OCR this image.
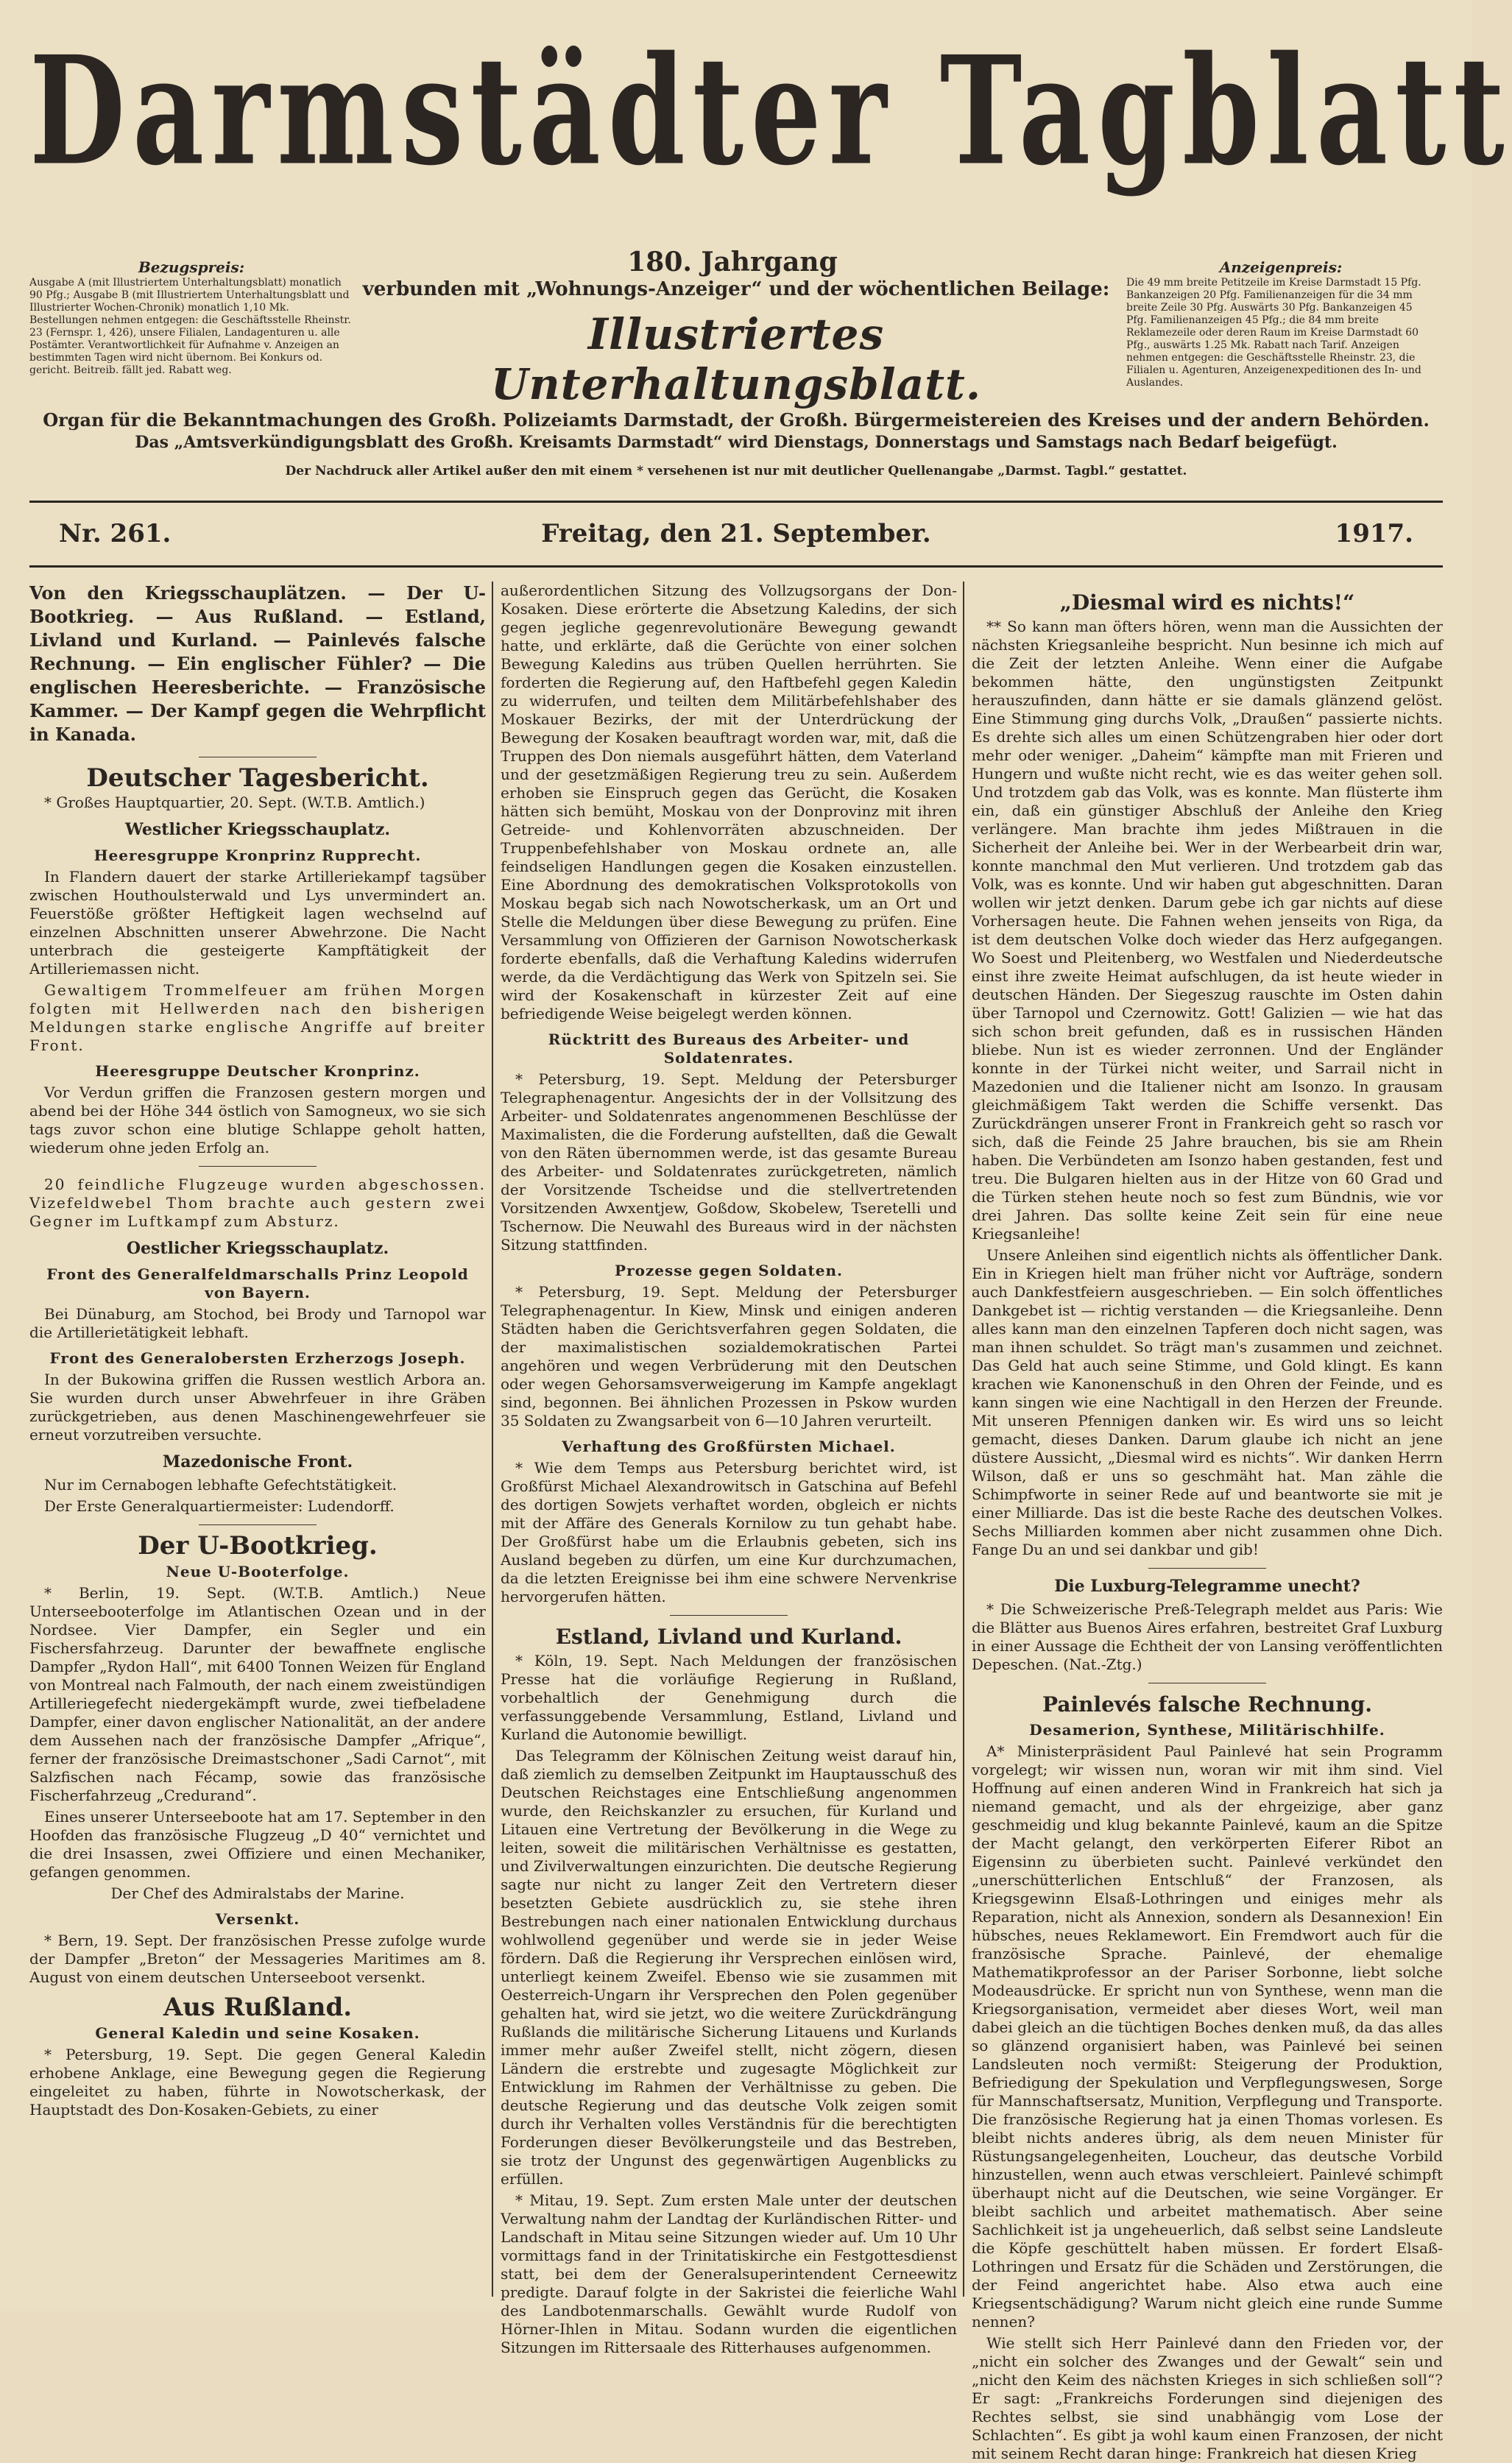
Darmstädter Tagblatt
180. Jahrgang
Bezugspreis:
Ausgabe A (mit Illustriertem Unterhaltungsblatt) monatlich 90 Pfg.; Ausgabe B (mit Illustriertem Unterhaltungsblatt und Illustrierter Wochen-Chronik) monatlich 1,10 Mk. Bestellungen nehmen entgegen: die Geschäftsstelle Rheinstr. 23 (Fernspr. 1, 426), unsere Filialen, Landagenturen u. alle Postämter. Verantwortlichkeit für Aufnahme v. Anzeigen an bestimmten Tagen wird nicht übernom. Bei Konkurs od. gericht. Beitreib. fällt jed. Rabatt weg.
verbunden mit „Wohnungs-Anzeiger“ und der wöchentlichen Beilage:
Illustriertes Unterhaltungsblatt.
Anzeigenpreis:
Die 49 mm breite Petitzeile im Kreise Darmstadt 15 Pfg. Bankanzeigen 20 Pfg. Familienanzeigen für die 34 mm breite Zeile 30 Pfg. Auswärts 30 Pfg. Bankanzeigen 45 Pfg. Familienanzeigen 45 Pfg.; die 84 mm breite Reklamezeile oder deren Raum im Kreise Darmstadt 60 Pfg., auswärts 1.25 Mk. Rabatt nach Tarif. Anzeigen nehmen entgegen: die Geschäftsstelle Rheinstr. 23, die Filialen u. Agenturen, Anzeigenexpeditionen des In- und Auslandes.
Organ für die Bekanntmachungen des Großh. Polizeiamts Darmstadt, der Großh. Bürgermeistereien des Kreises und der andern Behörden.
Das „Amtsverkündigungsblatt des Großh. Kreisamts Darmstadt“ wird Dienstags, Donnerstags und Samstags nach Bedarf beigefügt.
Der Nachdruck aller Artikel außer den mit einem * versehenen ist nur mit deutlicher Quellenangabe „Darmst. Tagbl.“ gestattet.
Nr. 261.	Freitag, den 21. September.	1917.

Von den Kriegsschauplätzen. — Der U-Bootkrieg. — Aus Rußland. — Estland, Livland und Kurland. — Painlevés falsche Rechnung. — Ein englischer Fühler? — Die englischen Heeresberichte. — Französische Kammer. — Der Kampf gegen die Wehrpflicht in Kanada.

Deutscher Tagesbericht.

* Großes Hauptquartier, 20. Sept. (W.T.B. Amtlich.)

Westlicher Kriegsschauplatz.
Heeresgruppe Kronprinz Rupprecht.

In Flandern dauert der starke Artilleriekampf tagsüber zwischen Houthoulsterwald und Lys unvermindert an. Feuerstöße größter Heftigkeit lagen wechselnd auf einzelnen Abschnitten unserer Abwehrzone. Die Nacht unterbrach die gesteigerte Kampftätigkeit der Artilleriemassen nicht.

Gewaltigem Trommelfeuer am frühen Morgen folgten mit Hellwerden nach den bisherigen Meldungen starke englische Angriffe auf breiter Front.

Heeresgruppe Deutscher Kronprinz.

Vor Verdun griffen die Franzosen gestern morgen und abend bei der Höhe 344 östlich von Samogneux, wo sie sich tags zuvor schon eine blutige Schlappe geholt hatten, wiederum ohne jeden Erfolg an.

20 feindliche Flugzeuge wurden abgeschossen. Vizefeldwebel Thom brachte auch gestern zwei Gegner im Luftkampf zum Absturz.

Oestlicher Kriegsschauplatz.
Front des Generalfeldmarschalls Prinz Leopold von Bayern.

Bei Dünaburg, am Stochod, bei Brody und Tarnopol war die Artillerietätigkeit lebhaft.

Front des Generalobersten Erzherzogs Joseph.

In der Bukowina griffen die Russen westlich Arbora an. Sie wurden durch unser Abwehrfeuer in ihre Gräben zurückgetrieben, aus denen Maschinengewehrfeuer sie erneut vorzutreiben versuchte.

Mazedonische Front.

Nur im Cernabogen lebhafte Gefechtstätigkeit.

Der Erste Generalquartiermeister: Ludendorff.

Der U-Bootkrieg.
Neue U-Booterfolge.

* Berlin, 19. Sept. (W.T.B. Amtlich.) Neue Unterseebooterfolge im Atlantischen Ozean und in der Nordsee. Vier Dampfer, ein Segler und ein Fischersfahrzeug. Darunter der bewaffnete englische Dampfer „Rydon Hall“, mit 6400 Tonnen Weizen für England von Montreal nach Falmouth, der nach einem zweistündigen Artilleriegefecht niedergekämpft wurde, zwei tiefbeladene Dampfer, einer davon englischer Nationalität, an der andere dem Aussehen nach der französische Dampfer „Afrique“, ferner der französische Dreimastschoner „Sadi Carnot“, mit Salzfischen nach Fécamp, sowie das französische Fischerfahrzeug „Credurand“.

Eines unserer Unterseeboote hat am 17. September in den Hoofden das französische Flugzeug „D 40“ vernichtet und die drei Insassen, zwei Offiziere und einen Mechaniker, gefangen genommen.

Der Chef des Admiralstabs der Marine.

Versenkt.

* Bern, 19. Sept. Der französischen Presse zufolge wurde der Dampfer „Breton“ der Messageries Maritimes am 8. August von einem deutschen Unterseeboot versenkt.

Aus Rußland.
General Kaledin und seine Kosaken.

* Petersburg, 19. Sept. Die gegen General Kaledin erhobene Anklage, eine Bewegung gegen die Regierung eingeleitet zu haben, führte in Nowotscherkask, der Hauptstadt des Don-Kosaken-Gebiets, zu einer

außerordentlichen Sitzung des Vollzugsorgans der Don-Kosaken. Diese erörterte die Absetzung Kaledins, der sich gegen jegliche gegenrevolutionäre Bewegung gewandt hatte, und erklärte, daß die Gerüchte von einer solchen Bewegung Kaledins aus trüben Quellen herrührten. Sie forderten die Regierung auf, den Haftbefehl gegen Kaledin zu widerrufen, und teilten dem Militärbefehlshaber des Moskauer Bezirks, der mit der Unterdrückung der Bewegung der Kosaken beauftragt worden war, mit, daß die Truppen des Don niemals ausgeführt hätten, dem Vaterland und der gesetzmäßigen Regierung treu zu sein. Außerdem erhoben sie Einspruch gegen das Gerücht, die Kosaken hätten sich bemüht, Moskau von der Donprovinz mit ihren Getreide- und Kohlenvorräten abzuschneiden. Der Truppenbefehlshaber von Moskau ordnete an, alle feindseligen Handlungen gegen die Kosaken einzustellen. Eine Abordnung des demokratischen Volksprotokolls von Moskau begab sich nach Nowotscherkask, um an Ort und Stelle die Meldungen über diese Bewegung zu prüfen. Eine Versammlung von Offizieren der Garnison Nowotscherkask forderte ebenfalls, daß die Verhaftung Kaledins widerrufen werde, da die Verdächtigung das Werk von Spitzeln sei. Sie wird der Kosakenschaft in kürzester Zeit auf eine befriedigende Weise beigelegt werden können.

Rücktritt des Bureaus des Arbeiter- und Soldatenrates.

* Petersburg, 19. Sept. Meldung der Petersburger Telegraphenagentur. Angesichts der in der Vollsitzung des Arbeiter- und Soldatenrates angenommenen Beschlüsse der Maximalisten, die die Forderung aufstellten, daß die Gewalt von den Räten übernommen werde, ist das gesamte Bureau des Arbeiter- und Soldatenrates zurückgetreten, nämlich der Vorsitzende Tscheidse und die stellvertretenden Vorsitzenden Awxentjew, Goßdow, Skobelew, Tseretelli und Tschernow. Die Neuwahl des Bureaus wird in der nächsten Sitzung stattfinden.

Prozesse gegen Soldaten.

* Petersburg, 19. Sept. Meldung der Petersburger Telegraphenagentur. In Kiew, Minsk und einigen anderen Städten haben die Gerichtsverfahren gegen Soldaten, die der maximalistischen sozialdemokratischen Partei angehören und wegen Verbrüderung mit den Deutschen oder wegen Gehorsamsverweigerung im Kampfe angeklagt sind, begonnen. Bei ähnlichen Prozessen in Pskow wurden 35 Soldaten zu Zwangsarbeit von 6—10 Jahren verurteilt.

Verhaftung des Großfürsten Michael.

* Wie dem Temps aus Petersburg berichtet wird, ist Großfürst Michael Alexandrowitsch in Gatschina auf Befehl des dortigen Sowjets verhaftet worden, obgleich er nichts mit der Affäre des Generals Kornilow zu tun gehabt habe. Der Großfürst habe um die Erlaubnis gebeten, sich ins Ausland begeben zu dürfen, um eine Kur durchzumachen, da die letzten Ereignisse bei ihm eine schwere Nervenkrise hervorgerufen hätten.

Estland, Livland und Kurland.

* Köln, 19. Sept. Nach Meldungen der französischen Presse hat die vorläufige Regierung in Rußland, vorbehaltlich der Genehmigung durch die verfassunggebende Versammlung, Estland, Livland und Kurland die Autonomie bewilligt.

Das Telegramm der Kölnischen Zeitung weist darauf hin, daß ziemlich zu demselben Zeitpunkt im Hauptausschuß des Deutschen Reichstages eine Entschließung angenommen wurde, den Reichskanzler zu ersuchen, für Kurland und Litauen eine Vertretung der Bevölkerung in die Wege zu leiten, soweit die militärischen Verhältnisse es gestatten, und Zivilverwaltungen einzurichten. Die deutsche Regierung sagte nur nicht zu langer Zeit den Vertretern dieser besetzten Gebiete ausdrücklich zu, sie stehe ihren Bestrebungen nach einer nationalen Entwicklung durchaus wohlwollend gegenüber und werde sie in jeder Weise fördern. Daß die Regierung ihr Versprechen einlösen wird, unterliegt keinem Zweifel. Ebenso wie sie zusammen mit Oesterreich-Ungarn ihr Versprechen den Polen gegenüber gehalten hat, wird sie jetzt, wo die weitere Zurückdrängung Rußlands die militärische Sicherung Litauens und Kurlands immer mehr außer Zweifel stellt, nicht zögern, diesen Ländern die erstrebte und zugesagte Möglichkeit zur Entwicklung im Rahmen der Verhältnisse zu geben. Die deutsche Regierung und das deutsche Volk zeigen somit durch ihr Verhalten volles Verständnis für die berechtigten Forderungen dieser Bevölkerungsteile und das Bestreben, sie trotz der Ungunst des gegenwärtigen Augenblicks zu erfüllen.

* Mitau, 19. Sept. Zum ersten Male unter der deutschen Verwaltung nahm der Landtag der Kurländischen Ritter- und Landschaft in Mitau seine Sitzungen wieder auf. Um 10 Uhr vormittags fand in der Trinitatiskirche ein Festgottesdienst statt, bei dem der Generalsuperintendent Cerneewitz predigte. Darauf folgte in der Sakristei die feierliche Wahl des Landbotenmarschalls. Gewählt wurde Rudolf von Hörner-Ihlen in Mitau. Sodann wurden die eigentlichen Sitzungen im Rittersaale des Ritterhauses aufgenommen.

„Diesmal wird es nichts!“

** So kann man öfters hören, wenn man die Aussichten der nächsten Kriegsanleihe bespricht. Nun besinne ich mich auf die Zeit der letzten Anleihe. Wenn einer die Aufgabe bekommen hätte, den ungünstigsten Zeitpunkt herauszufinden, dann hätte er sie damals glänzend gelöst. Eine Stimmung ging durchs Volk, „Draußen“ passierte nichts. Es drehte sich alles um einen Schützengraben hier oder dort mehr oder weniger. „Daheim“ kämpfte man mit Frieren und Hungern und wußte nicht recht, wie es das weiter gehen soll. Und trotzdem gab das Volk, was es konnte. Man flüsterte ihm ein, daß ein günstiger Abschluß der Anleihe den Krieg verlängere. Man brachte ihm jedes Mißtrauen in die Sicherheit der Anleihe bei. Wer in der Werbearbeit drin war, konnte manchmal den Mut verlieren. Und trotzdem gab das Volk, was es konnte. Und wir haben gut abgeschnitten. Daran wollen wir jetzt denken. Darum gebe ich gar nichts auf diese Vorhersagen heute. Die Fahnen wehen jenseits von Riga, da ist dem deutschen Volke doch wieder das Herz aufgegangen. Wo Soest und Pleitenberg, wo Westfalen und Niederdeutsche einst ihre zweite Heimat aufschlugen, da ist heute wieder in deutschen Händen. Der Siegeszug rauschte im Osten dahin über Tarnopol und Czernowitz. Gott! Galizien — wie hat das sich schon breit gefunden, daß es in russischen Händen bliebe. Nun ist es wieder zerronnen. Und der Engländer konnte in der Türkei nicht weiter, und Sarrail nicht in Mazedonien und die Italiener nicht am Isonzo. In grausam gleichmäßigem Takt werden die Schiffe versenkt. Das Zurückdrängen unserer Front in Frankreich geht so rasch vor sich, daß die Feinde 25 Jahre brauchen, bis sie am Rhein haben. Die Verbündeten am Isonzo haben gestanden, fest und treu. Die Bulgaren hielten aus in der Hitze von 60 Grad und die Türken stehen heute noch so fest zum Bündnis, wie vor drei Jahren. Das sollte keine Zeit sein für eine neue Kriegsanleihe!

Unsere Anleihen sind eigentlich nichts als öffentlicher Dank. Ein in Kriegen hielt man früher nicht vor Aufträge, sondern auch Dankfestfeiern ausgeschrieben. — Ein solch öffentliches Dankgebet ist — richtig verstanden — die Kriegsanleihe. Denn alles kann man den einzelnen Tapferen doch nicht sagen, was man ihnen schuldet. So trägt man's zusammen und zeichnet. Das Geld hat auch seine Stimme, und Gold klingt. Es kann krachen wie Kanonenschuß in den Ohren der Feinde, und es kann singen wie eine Nachtigall in den Herzen der Freunde. Mit unseren Pfennigen danken wir. Es wird uns so leicht gemacht, dieses Danken. Darum glaube ich nicht an jene düstere Aussicht, „Diesmal wird es nichts“. Wir danken Herrn Wilson, daß er uns so geschmäht hat. Man zähle die Schimpfworte in seiner Rede auf und beantworte sie mit je einer Milliarde. Das ist die beste Rache des deutschen Volkes. Sechs Milliarden kommen aber nicht zusammen ohne Dich. Fange Du an und sei dankbar und gib!

Die Luxburg-Telegramme unecht?

* Die Schweizerische Preß-Telegraph meldet aus Paris: Wie die Blätter aus Buenos Aires erfahren, bestreitet Graf Luxburg in einer Aussage die Echtheit der von Lansing veröffentlichten Depeschen. (Nat.-Ztg.)

Painlevés falsche Rechnung.
Desamerion, Synthese, Militärischhilfe.

A* Ministerpräsident Paul Painlevé hat sein Programm vorgelegt; wir wissen nun, woran wir mit ihm sind. Viel Hoffnung auf einen anderen Wind in Frankreich hat sich ja niemand gemacht, und als der ehrgeizige, aber ganz geschmeidig und klug bekannte Painlevé, kaum an die Spitze der Macht gelangt, den verkörperten Eiferer Ribot an Eigensinn zu überbieten sucht. Painlevé verkündet den „unerschütterlichen Entschluß“ der Franzosen, als Kriegsgewinn Elsaß-Lothringen und einiges mehr als Reparation, nicht als Annexion, sondern als Desannexion! Ein hübsches, neues Reklamewort. Ein Fremdwort auch für die französische Sprache. Painlevé, der ehemalige Mathematikprofessor an der Pariser Sorbonne, liebt solche Modeausdrücke. Er spricht nun von Synthese, wenn man die Kriegsorganisation, vermeidet aber dieses Wort, weil man dabei gleich an die tüchtigen Boches denken muß, da das alles so glänzend organisiert haben, was Painlevé bei seinen Landsleuten noch vermißt: Steigerung der Produktion, Befriedigung der Spekulation und Verpflegungswesen, Sorge für Mannschaftsersatz, Munition, Verpflegung und Transporte. Die französische Regierung hat ja einen Thomas vorlesen. Es bleibt nichts anderes übrig, als dem neuen Minister für Rüstungsangelegenheiten, Loucheur, das deutsche Vorbild hinzustellen, wenn auch etwas verschleiert. Painlevé schimpft überhaupt nicht auf die Deutschen, wie seine Vorgänger. Er bleibt sachlich und arbeitet mathematisch. Aber seine Sachlichkeit ist ja ungeheuerlich, daß selbst seine Landsleute die Köpfe geschüttelt haben müssen. Er fordert Elsaß-Lothringen und Ersatz für die Schäden und Zerstörungen, die der Feind angerichtet habe. Also etwa auch eine Kriegsentschädigung? Warum nicht gleich eine runde Summe nennen?

Wie stellt sich Herr Painlevé dann den Frieden vor, der „nicht ein solcher des Zwanges und der Gewalt“ sein und „nicht den Keim des nächsten Krieges in sich schließen soll“? Er sagt: „Frankreichs Forderungen sind diejenigen des Rechtes selbst, sie sind unabhängig vom Lose der Schlachten“. Es gibt ja wohl kaum einen Franzosen, der nicht mit seinem Recht daran hinge: Frankreich hat diesen Krieg
